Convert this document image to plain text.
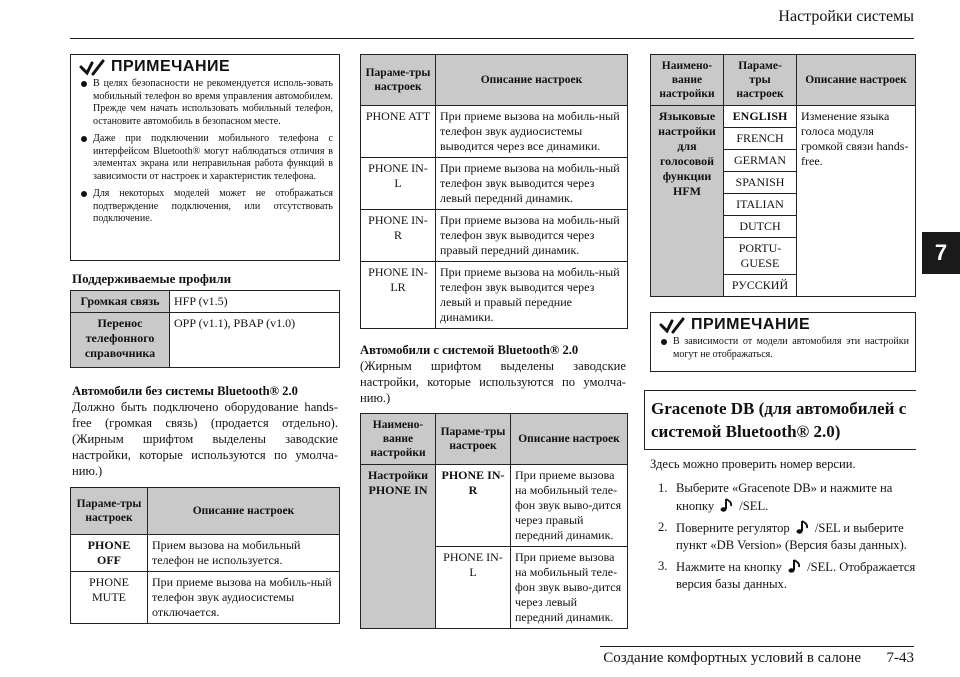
Настройки системы
Создание комфортных условий в салоне 7-43
7
ПРИМЕЧАНИЕ
В целях безопасности не рекомендуется исполь-зовать мобильный телефон во время управления автомобилем. Прежде чем начать использовать мобильный телефон, остановите автомобиль в безопасном месте.
Даже при подключении мобильного телефона с интерфейсом Bluetooth® могут наблюдаться отличия в элементах экрана или неправильная работа функций в зависимости от настроек и характеристик телефона.
Для некоторых моделей может не отображаться подтверждение подключения, или отсутствовать подключение.
Поддерживаемые профили
Громкая связь	HFP (v1.5)
Перенос телефонного справочника	OPP (v1.1), PBAP (v1.0)
Автомобили без системы Bluetooth® 2.0
Должно быть подключено оборудование hands-free (громкая связь) (продается отдельно). (Жирным шрифтом выделены заводские настройки, которые используются по умолча-нию.)
Параме-тры настроек	Описание настроек
PHONE OFF	Прием вызова на мобильный телефон не используется.
PHONE MUTE	При приеме вызова на мобиль-ный телефон звук аудиосистемы отключается.
Параме-тры настроек	Описание настроек
PHONE ATT	При приеме вызова на мобиль-ный телефон звук аудиосистемы выводится через все динамики.
PHONE IN-L	При приеме вызова на мобиль-ный телефон звук выводится через левый передний динамик.
PHONE IN-R	При приеме вызова на мобиль-ный телефон звук выводится через правый передний динамик.
PHONE IN-LR	При приеме вызова на мобиль-ный телефон звук выводится через левый и правый передние динамики.
Автомобили с системой Bluetooth® 2.0
(Жирным шрифтом выделены заводские настройки, которые используются по умолча-нию.)
Наимено-вание настройки	Параме-тры настроек	Описание настроек
Настройки PHONE IN	PHONE IN-R	При приеме вызова на мобильный теле-фон звук выво-дится через правый передний динамик.
	PHONE IN-L	При приеме вызова на мобильный теле-фон звук выво-дится через левый передний динамик.
Наимено-вание настройки	Параме-тры настроек	Описание настроек
Языковые настройки для голосовой функции HFM	ENGLISH	Изменение языка голоса модуля громкой связи hands-free.
	FRENCH	
	GERMAN	
	SPANISH	
	ITALIAN	
	DUTCH	
	PORTU-GUESE	
	РУССКИЙ	
ПРИМЕЧАНИЕ
В зависимости от модели автомобиля эти настройки могут не отображаться.
Gracenote DB (для автомобилей с системой Bluetooth® 2.0)
Здесь можно проверить номер версии.
1. Выберите «Gracenote DB» и нажмите на кнопку /SEL.
2. Поверните регулятор /SEL и выберите пункт «DB Version» (Версия базы данных).
3. Нажмите на кнопку /SEL. Отображается версия базы данных.
